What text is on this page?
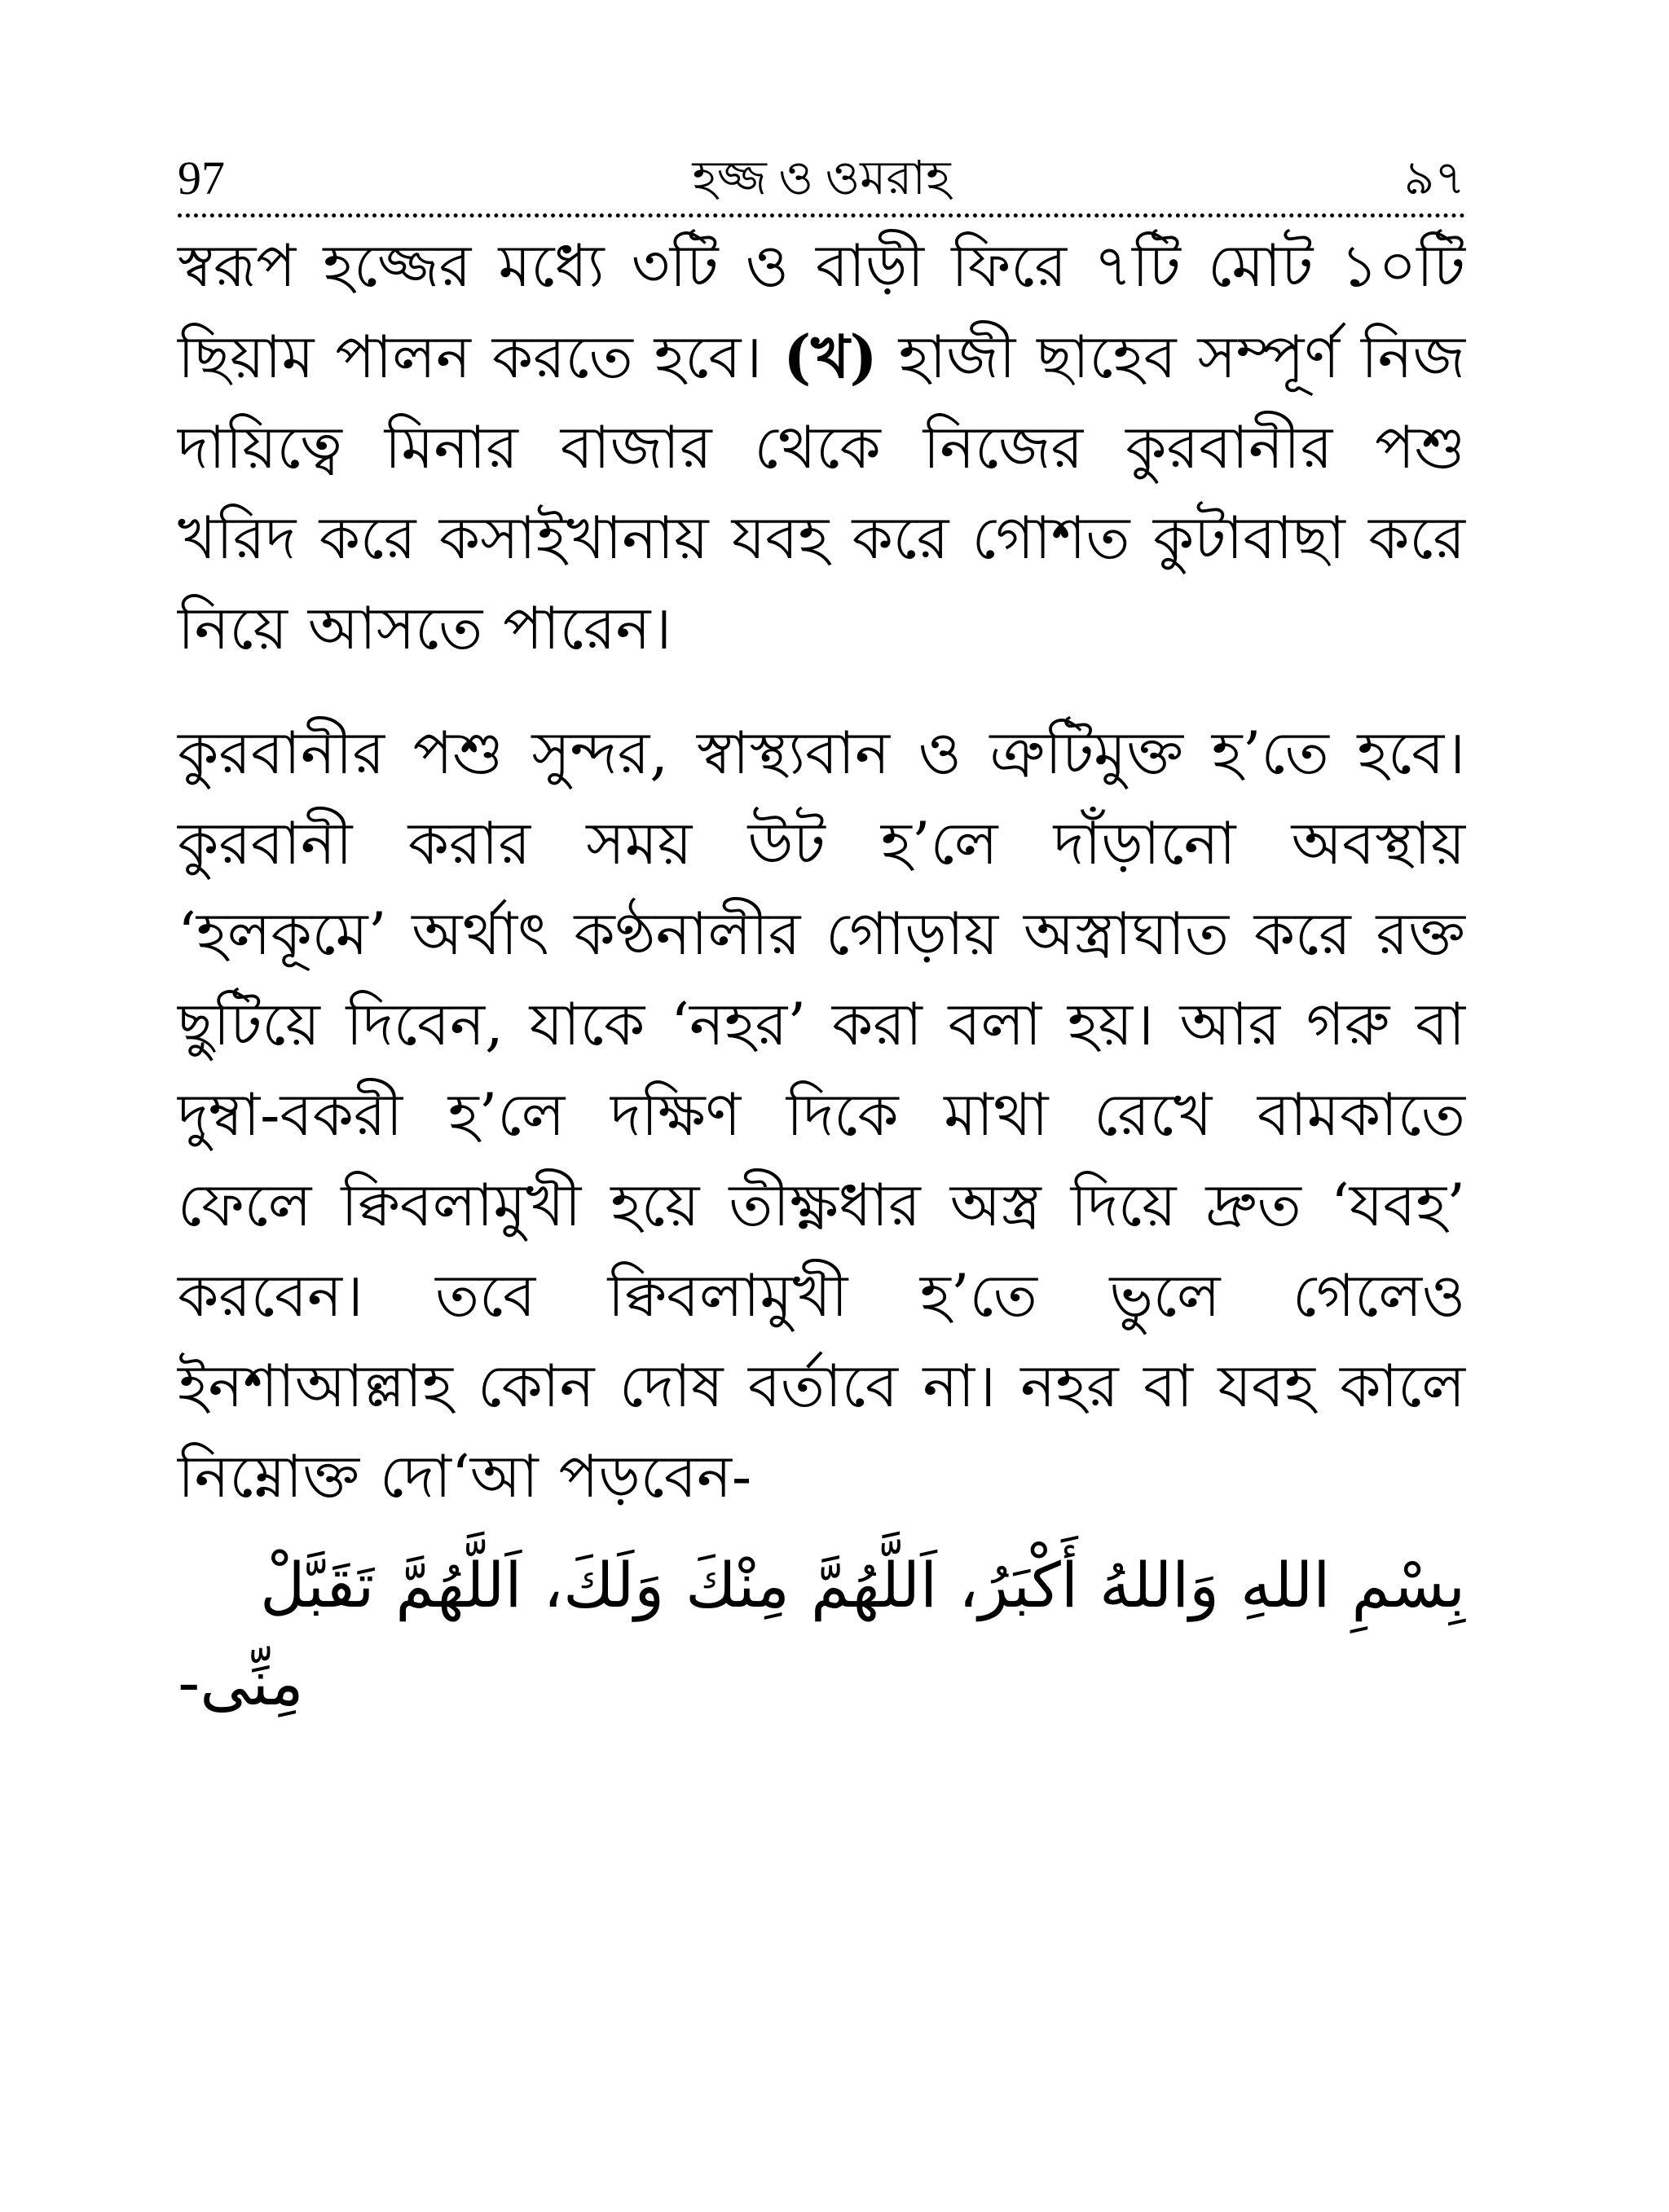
97	হজ্জ ও ওমরাহ	৯৭

স্বরূপ হজ্জের মধ্যে ৩টি ও বাড়ী ফিরে ৭টি মোট ১০টি ছিয়াম পালন করতে হবে। (খ) হাজী ছাহেব সম্পূর্ণ নিজ দায়িত্বে মিনার বাজার থেকে নিজের কুরবানীর পশু খরিদ করে কসাইখানায় যবহ করে গোশত কুটাবাছা করে নিয়ে আসতে পারেন।

কুরবানীর পশু সুন্দর, স্বাস্থ্যবান ও ত্রুটিমুক্ত হ’তে হবে। কুরবানী করার সময় উট হ’লে দাঁড়ানো অবস্থায় ‘হলকূমে’ অর্থাৎ কণ্ঠনালীর গোড়ায় অস্ত্রাঘাত করে রক্ত ছুটিয়ে দিবেন, যাকে ‘নহর’ করা বলা হয়। আর গরু বা দুম্বা-বকরী হ’লে দক্ষিণ দিকে মাথা রেখে বামকাতে ফেলে ক্বিবলামুখী হয়ে তীক্ষ্ণধার অস্ত্র দিয়ে দ্রুত ‘যবহ’ করবেন। তবে ক্বিবলামুখী হ’তে ভুলে গেলেও ইনশাআল্লাহ কোন দোষ বর্তাবে না। নহর বা যবহ কালে নিম্নোক্ত দো‘আ পড়বেন-

بِسْمِ اللهِ وَاللهُ أَكْبَرُ، اَللَّهُمَّ مِنْكَ وَلَكَ، اَللَّهُمَّ تَقَبَّلْ مِنِّى-
